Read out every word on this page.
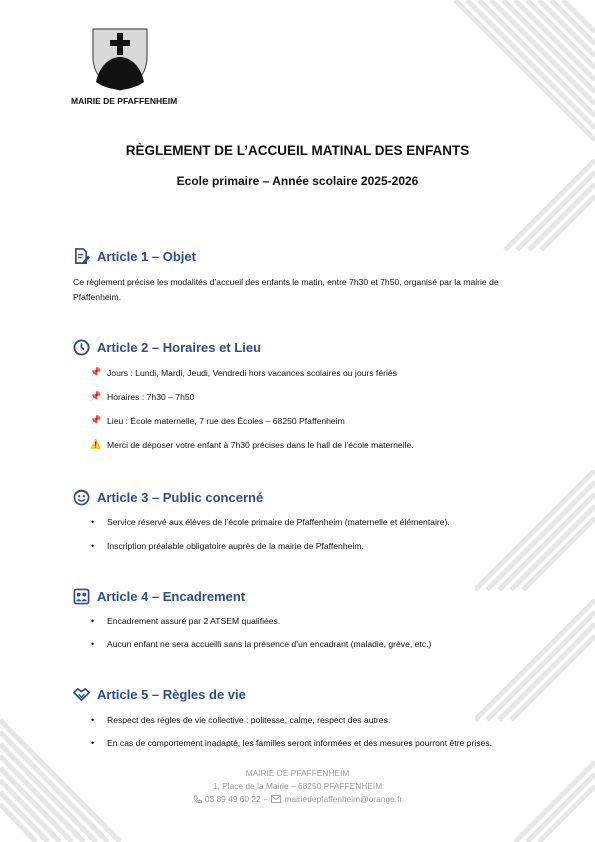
MAIRIE DE PFAFFENHEIM
RÈGLEMENT DE L’ACCUEIL MATINAL DES ENFANTS
Ecole primaire – Année scolaire 2025-2026
Article 1 – Objet
Ce règlement précise les modalités d’accueil des enfants le matin, entre 7h30 et 7h50, organisé par la mairie de Pfaffenheim.
Article 2 – Horaires et Lieu
📌 Jours : Lundi, Mardi, Jeudi, Vendredi hors vacances scolaires ou jours fériés
📌 Horaires : 7h30 – 7h50
📌 Lieu : École maternelle, 7 rue des Écoles – 68250 Pfaffenheim
⚠️ Merci de déposer votre enfant à 7h30 précises dans le hall de l’école maternelle.
Article 3 – Public concerné
• Service réservé aux élèves de l’école primaire de Pfaffenheim (maternelle et élémentaire).
• Inscription préalable obligatoire auprès de la mairie de Pfaffenheim.
Article 4 – Encadrement
• Encadrement assuré par 2 ATSEM qualifiées.
• Aucun enfant ne sera accueilli sans la présence d’un encadrant (maladie, grève, etc.)
Article 5 – Règles de vie
• Respect des règles de vie collective : politesse, calme, respect des autres.
• En cas de comportement inadapté, les familles seront informées et des mesures pourront être prises.
MAIRIE DE PFAFFENHEIM
1, Place de la Mairie – 68250 PFAFFENHEIM
03 89 49 60 22 – mairiedepfaffenheim@orange.fr
